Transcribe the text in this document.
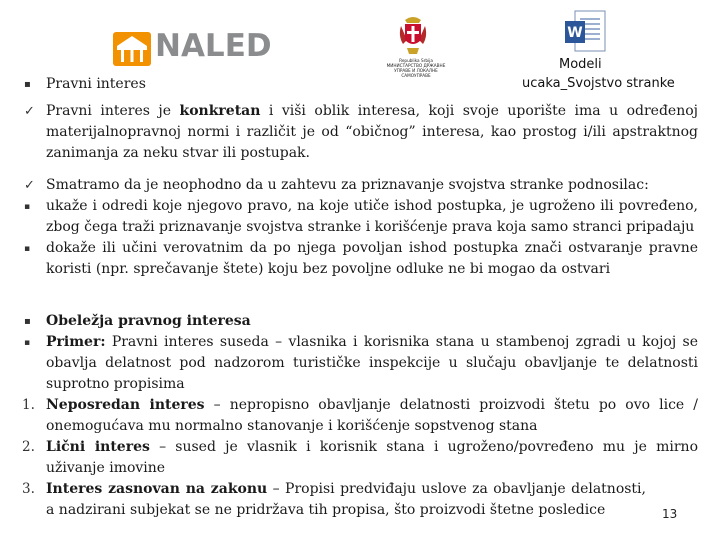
NALED	Republika Srbija МИНИСТАРСТВО ДРЖАВНЕ УПРАВЕ И ЛОКАЛНЕ САМОУПРАВЕ
W
Modeli
ucaka_Svojstvo stranke
▪	Pravni interes
✓ Pravni interes je konkretan i viši oblik interesa, koji svoje uporište ima u određenoj materijalnopravnoj normi i različit je od “običnog” interesa, kao prostog i/ili apstraktnog zanimanja za neku stvar ili postupak.
✓ Smatramo da je neophodno da u zahtevu za priznavanje svojstva stranke podnosilac:
▪	ukaže i odredi koje njegovo pravo, na koje utiče ishod postupka, je ugroženo ili povređeno, zbog čega traži priznavanje svojstva stranke i korišćenje prava koja samo stranci pripadaju
▪	dokaže ili učini verovatnim da po njega povoljan ishod postupka znači ostvaranje pravne koristi (npr. sprečavanje štete) koju bez povoljne odluke ne bi mogao da ostvari
▪	Obeležja pravnog interesa
▪	Primer: Pravni interes suseda – vlasnika i korisnika stana u stambenoj zgradi u kojoj se obavlja delatnost pod nadzorom turističke inspekcije u slučaju obavljanje te delatnosti suprotno propisima
1. Neposredan interes – nepropisno obavljanje delatnosti proizvodi štetu po ovo lice / onemogućava mu normalno stanovanje i korišćenje sopstvenog stana
2. Lični interes – sused je vlasnik i korisnik stana i ugroženo/povređeno mu je mirno uživanje imovine
3. Interes zasnovan na zakonu – Propisi predviđaju uslove za obavljanje delatnosti, a nadzirani subjekat se ne pridržava tih propisa, što proizvodi štetne posledice	13
